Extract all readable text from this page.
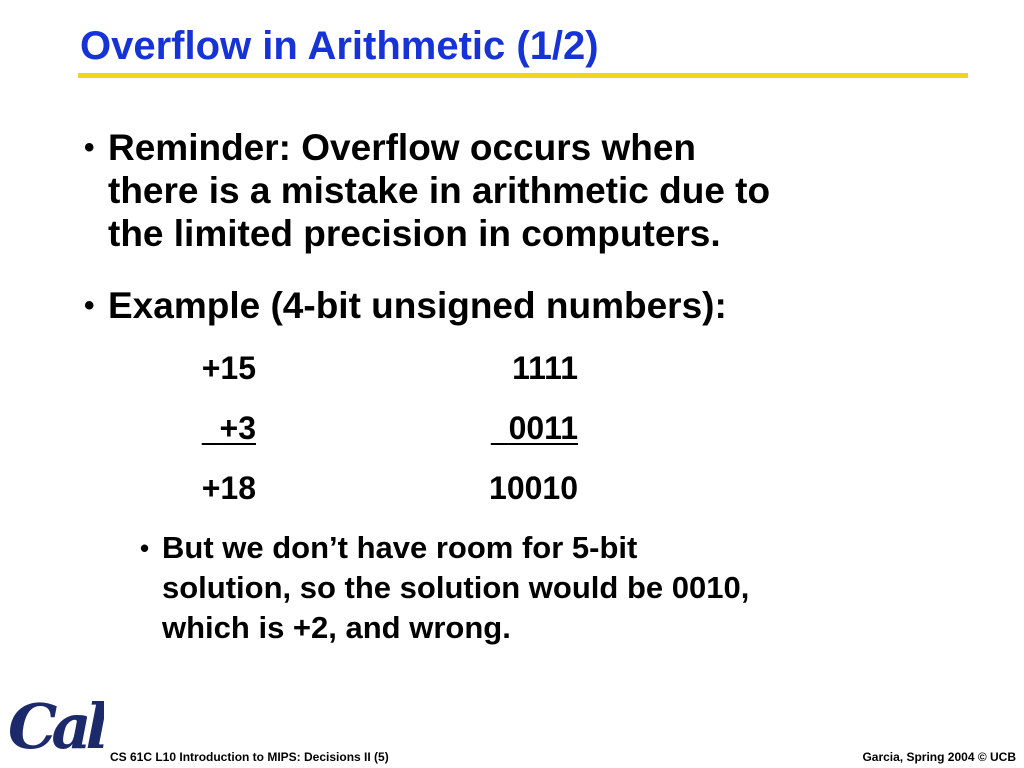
Overflow in Arithmetic (1/2)
• Reminder: Overflow occurs when
there is a mistake in arithmetic due to
the limited precision in computers.
• Example (4-bit unsigned numbers):
+15	1111
+3	0011
+18	10010
• But we don’t have room for 5-bit
solution, so the solution would be 0010,
which is +2, and wrong.
Cal CS 61C L10 Introduction to MIPS: Decisions II (5)	Garcia, Spring 2004 © UCB
